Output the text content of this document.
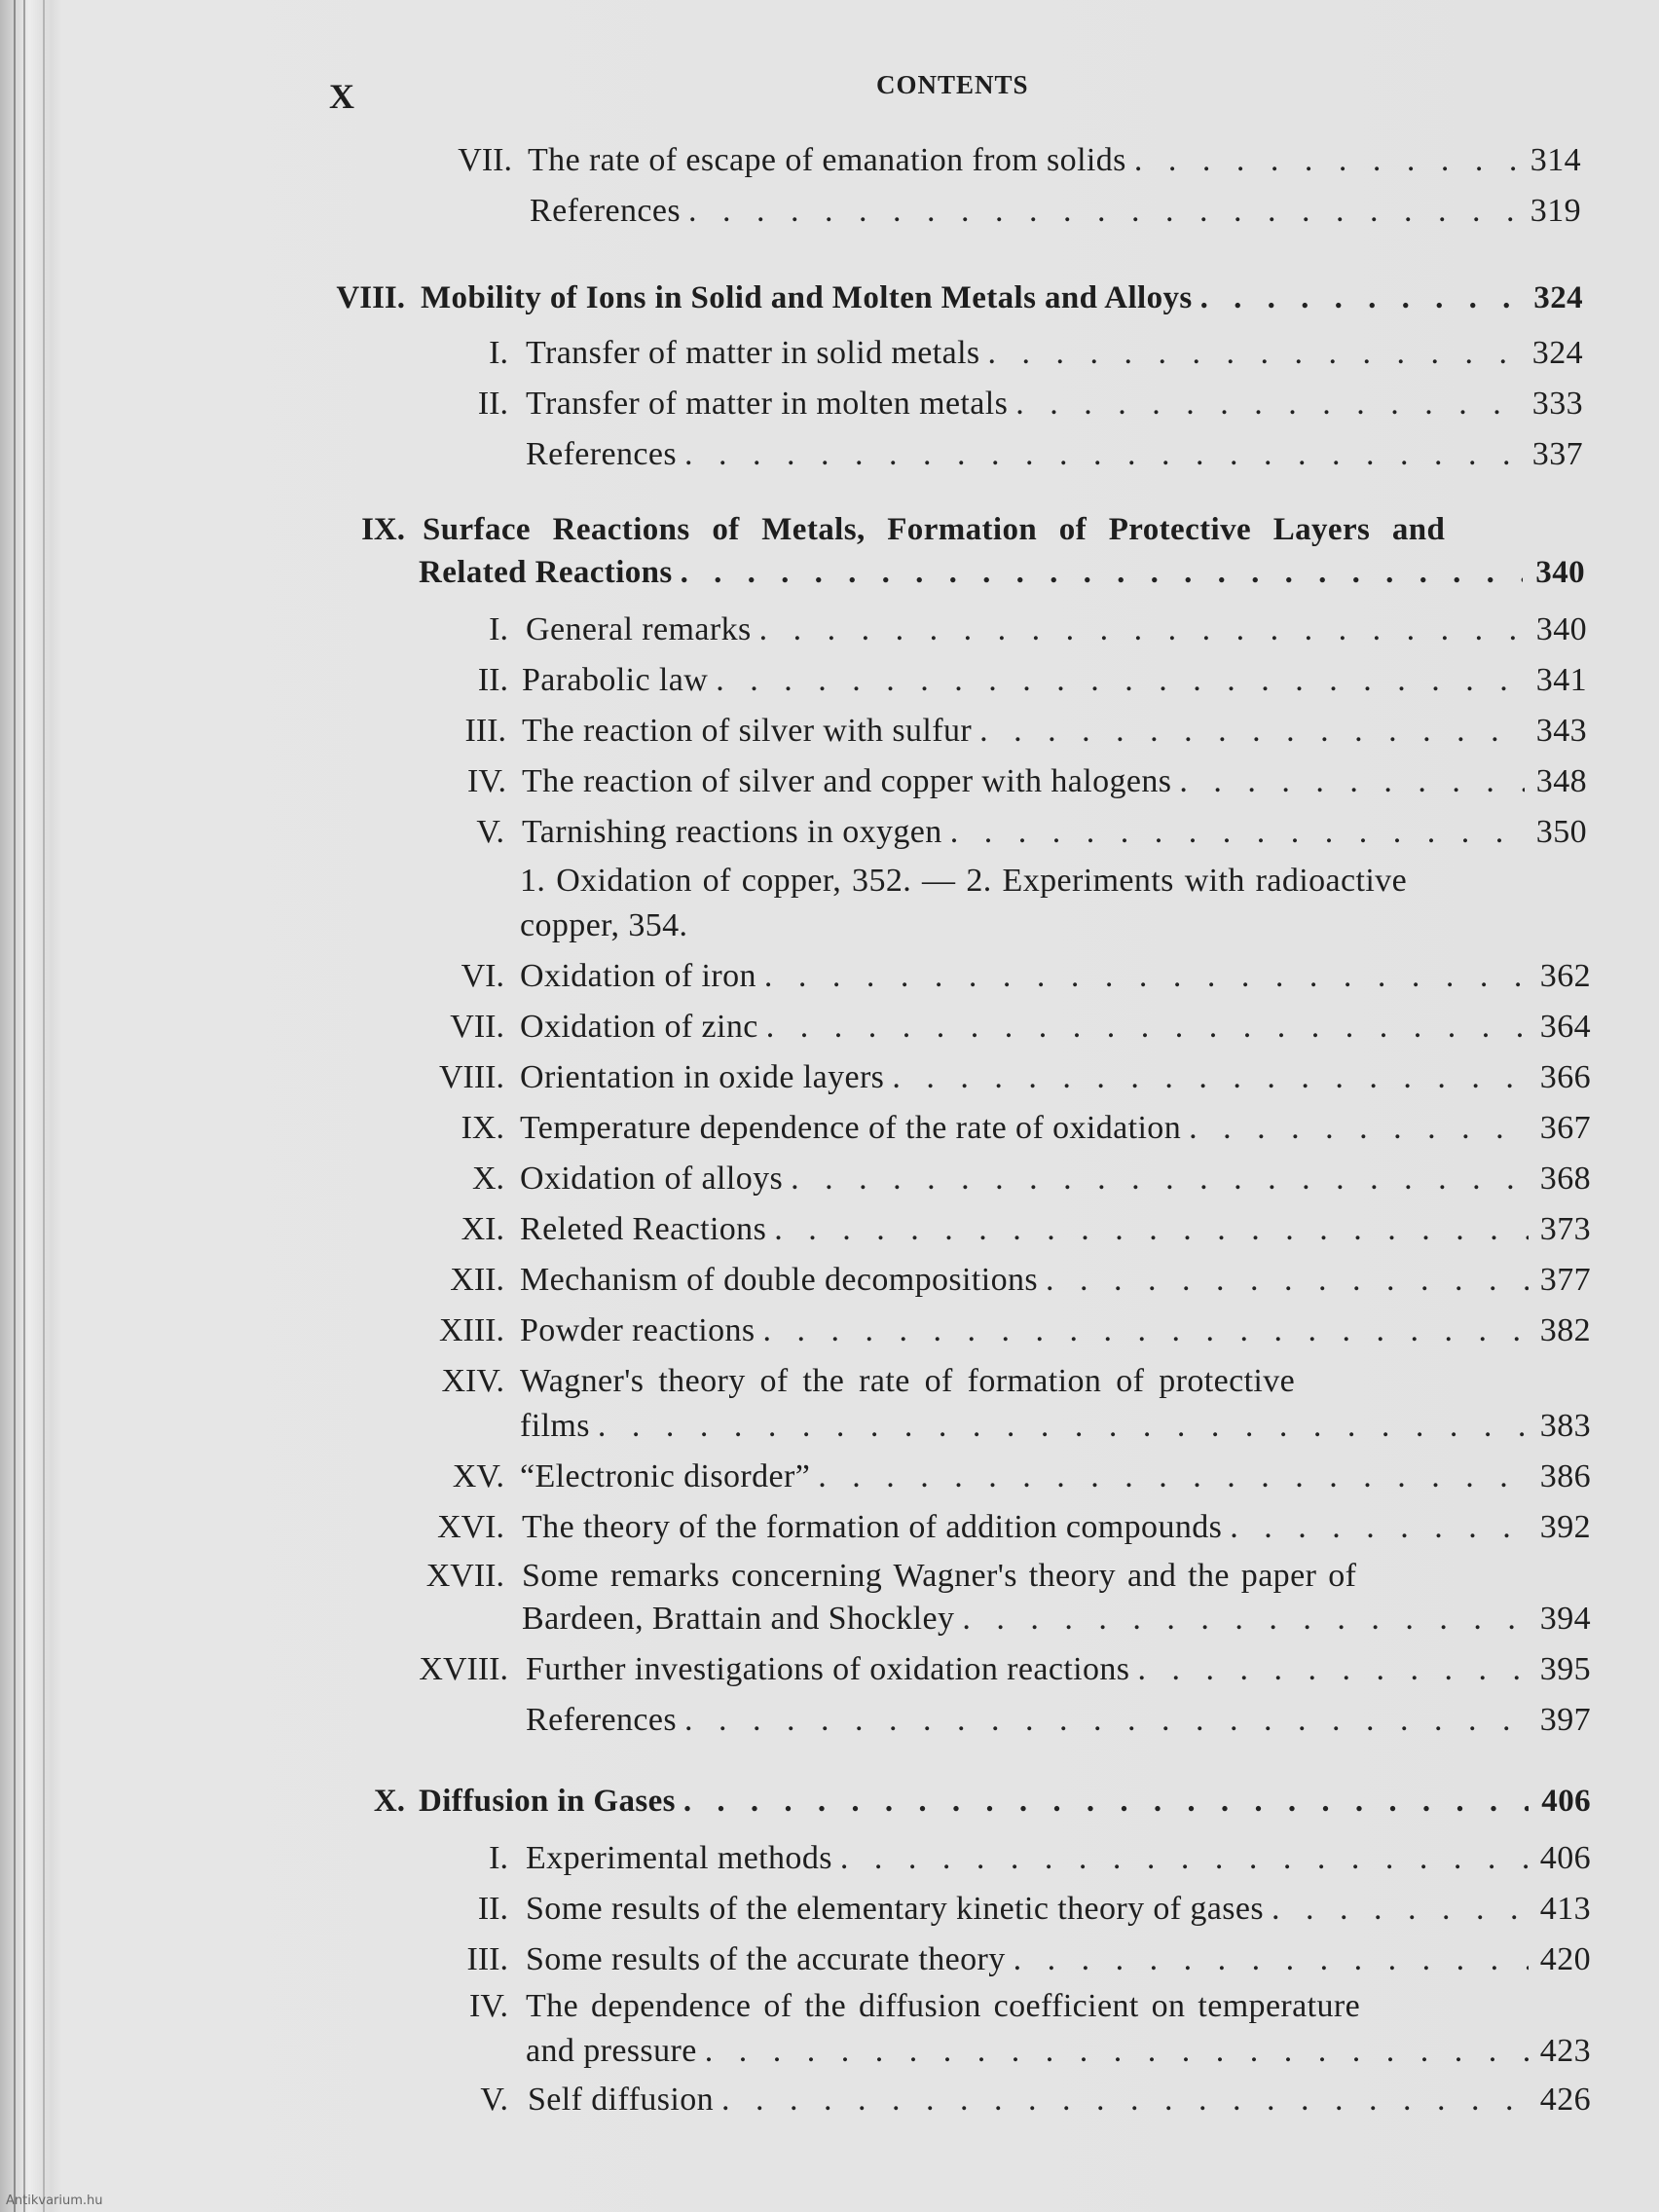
X	CONTENTS
VII. The rate of escape of emanation from solids . . .	314
References . . .	319
VIII. Mobility of Ions in Solid and Molten Metals and Alloys . . .	324
I. Transfer of matter in solid metals . . .	324
II. Transfer of matter in molten metals . . .	333
References . . .	337
IX. Surface Reactions of Metals, Formation of Protective Layers and
Related Reactions . . .	340
I. General remarks . . .	340
II. Parabolic law . . .	341
III. The reaction of silver with sulfur . . .	343
IV. The reaction of silver and copper with halogens . . .	348
V. Tarnishing reactions in oxygen . . .	350
1. Oxidation of copper, 352. — 2. Experiments with radioactive
copper, 354.
VI. Oxidation of iron . . .	362
VII. Oxidation of zinc . . .	364
VIII. Orientation in oxide layers . . .	366
IX. Temperature dependence of the rate of oxidation . . .	367
X. Oxidation of alloys . . .	368
XI. Releted Reactions . . .	373
XII. Mechanism of double decompositions . . .	377
XIII. Powder reactions . . .	382
XIV. Wagner's theory of the rate of formation of protective
films . . .	383
XV. “Electronic disorder” . . .	386
XVI. The theory of the formation of addition compounds . . .	392
XVII. Some remarks concerning Wagner's theory and the paper of
Bardeen, Brattain and Shockley . . .	394
XVIII. Further investigations of oxidation reactions . . .	395
References . . .	397
X. Diffusion in Gases . . .	406
I. Experimental methods . . .	406
II. Some results of the elementary kinetic theory of gases . . .	413
III. Some results of the accurate theory . . .	420
IV. The dependence of the diffusion coefficient on temperature
and pressure . . .	423
V. Self diffusion . . .	426
Antikvarium.hu
